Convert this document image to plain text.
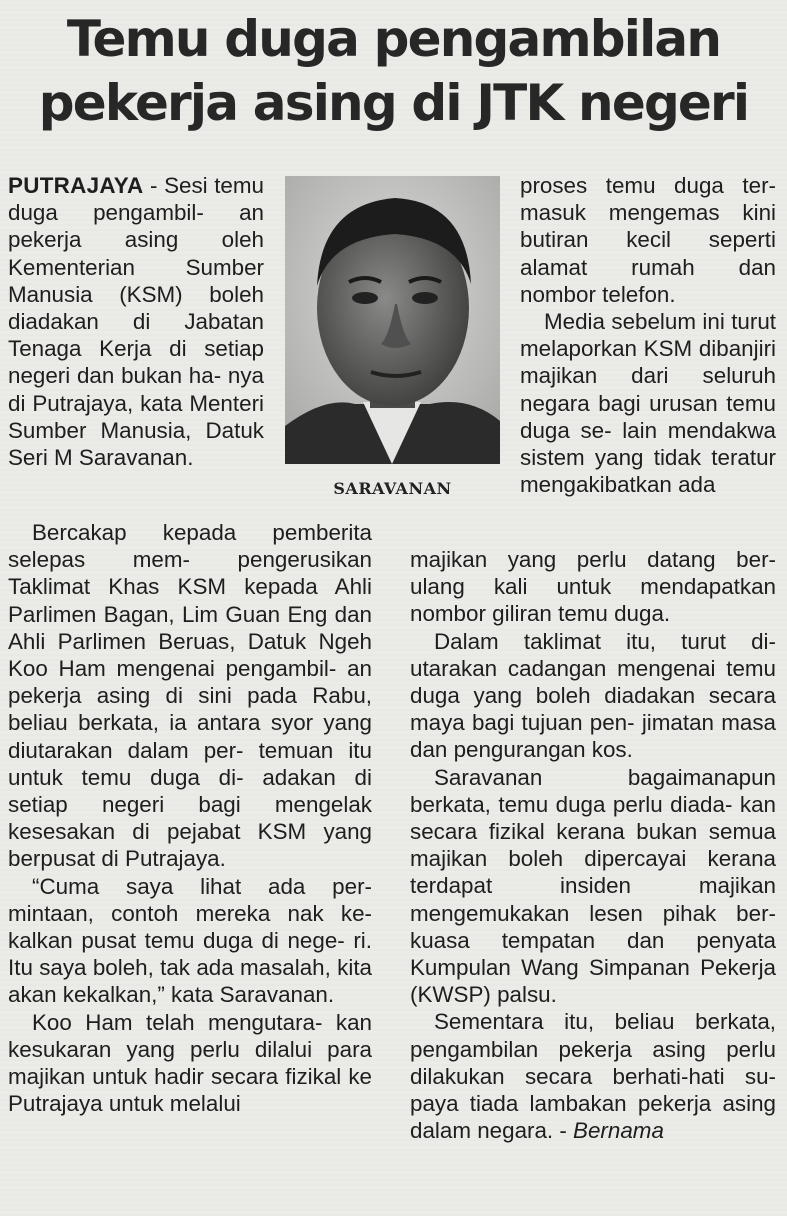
Temu duga pengambilan
pekerja asing di JTK negeri

PUTRAJAYA - Sesi temu duga pengambil- an pekerja asing oleh Kementerian Sumber Manusia (KSM) boleh diadakan di Jabatan Tenaga Kerja di setiap negeri dan bukan ha- nya di Putrajaya, kata Menteri Sumber Manusia, Datuk Seri M Saravanan.

Bercakap kepada pemberita selepas mem- pengerusikan Taklimat Khas KSM kepada Ahli Parlimen Bagan, Lim Guan Eng dan Ahli Parlimen Beruas, Datuk Ngeh Koo Ham mengenai pengambil- an pekerja asing di sini pada Rabu, beliau berkata, ia antara syor yang diutarakan dalam per- temuan itu untuk temu duga di- adakan di setiap negeri bagi mengelak kesesakan di pejabat KSM yang berpusat di Putrajaya.

“Cuma saya lihat ada per- mintaan, contoh mereka nak ke- kalkan pusat temu duga di nege- ri. Itu saya boleh, tak ada masalah, kita akan kekalkan,” kata Saravanan.

Koo Ham telah mengutara- kan kesukaran yang perlu dilalui para majikan untuk hadir secara fizikal ke Putrajaya untuk melalui

SARAVANAN

proses temu duga ter- masuk mengemas kini butiran kecil seperti alamat rumah dan nombor telefon.

Media sebelum ini turut melaporkan KSM dibanjiri majikan dari seluruh negara bagi urusan temu duga se- lain mendakwa sistem yang tidak teratur mengakibatkan ada

majikan yang perlu datang ber- ulang kali untuk mendapatkan nombor giliran temu duga.

Dalam taklimat itu, turut di- utarakan cadangan mengenai temu duga yang boleh diadakan secara maya bagi tujuan pen- jimatan masa dan pengurangan kos.

Saravanan bagaimanapun berkata, temu duga perlu diada- kan secara fizikal kerana bukan semua majikan boleh dipercayai kerana terdapat insiden majikan mengemukakan lesen pihak ber- kuasa tempatan dan penyata Kumpulan Wang Simpanan Pekerja (KWSP) palsu.

Sementara itu, beliau berkata, pengambilan pekerja asing perlu dilakukan secara berhati-hati su- paya tiada lambakan pekerja asing dalam negara. - Bernama
